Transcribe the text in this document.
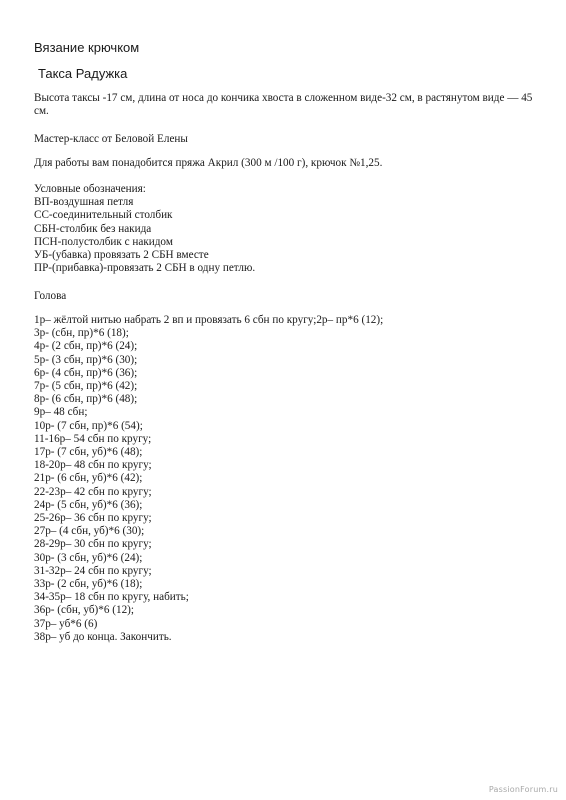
Вязание крючком
Такса Радужка

Высота таксы -17 см, длина от носа до кончика хвоста в сложенном виде-32 см, в растянутом виде — 45 см.

Мастер-класс от Беловой Елены

Для работы вам понадобится пряжа Акрил (300 м /100 г), крючок №1,25.

Условные обозначения:
ВП-воздушная петля
СС-соединительный столбик
СБН-столбик без накида
ПСН-полустолбик с накидом
УБ-(убавка) провязать 2 СБН вместе
ПР-(прибавка)-провязать 2 СБН в одну петлю.
Голова
1р– жёлтой нитью набрать 2 вп и провязать 6 сбн по кругу;2р– пр*6 (12);
3р- (сбн, пр)*6 (18);
4р- (2 сбн, пр)*6 (24);
5р- (3 сбн, пр)*6 (30);
6р- (4 сбн, пр)*6 (36);
7р- (5 сбн, пр)*6 (42);
8р- (6 сбн, пр)*6 (48);
9р– 48 сбн;
10р- (7 сбн, пр)*6 (54);
11-16р– 54 сбн по кругу;
17р- (7 сбн, уб)*6 (48);
18-20р– 48 сбн по кругу;
21р- (6 сбн, уб)*6 (42);
22-23р– 42 сбн по кругу;
24р- (5 сбн, уб)*6 (36);
25-26р– 36 сбн по кругу;
27р– (4 сбн, уб)*6 (30);
28-29р– 30 сбн по кругу;
30р- (3 сбн, уб)*6 (24);
31-32р– 24 сбн по кругу;
33р- (2 сбн, уб)*6 (18);
34-35р– 18 сбн по кругу, набить;
36р- (сбн, уб)*6 (12);
37р– уб*6 (6)
38р– уб до конца. Закончить.
PassionForum.ru
